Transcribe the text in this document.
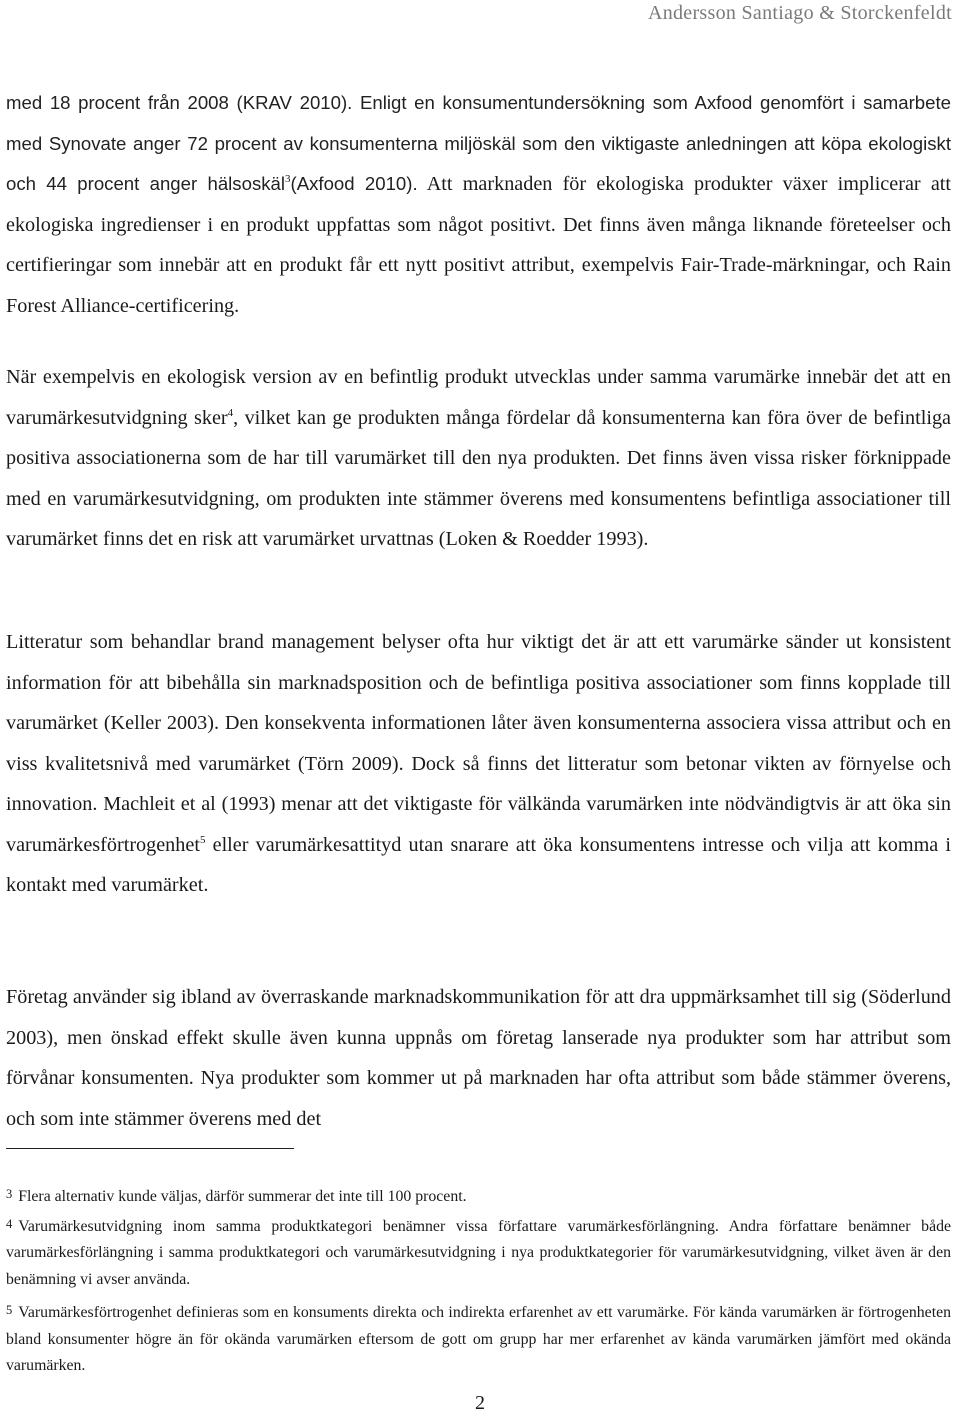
Andersson Santiago & Storckenfeldt

med 18 procent från 2008 (KRAV 2010). Enligt en konsumentundersökning som Axfood genomfört i samarbete med Synovate anger 72 procent av konsumenterna miljöskäl som den viktigaste anledningen att köpa ekologiskt och 44 procent anger hälsoskäl$^3$(Axfood 2010). Att marknaden för ekologiska produkter växer implicerar att ekologiska ingredienser i en produkt uppfattas som något positivt. Det finns även många liknande företeelser och certifieringar som innebär att en produkt får ett nytt positivt attribut, exempelvis Fair-Trade-märkningar, och Rain Forest Alliance-certificering.

När exempelvis en ekologisk version av en befintlig produkt utvecklas under samma varumärke innebär det att en varumärkesutvidgning sker$^4$, vilket kan ge produkten många fördelar då konsumenterna kan föra över de befintliga positiva associationerna som de har till varumärket till den nya produkten. Det finns även vissa risker förknippade med en varumärkesutvidgning, om produkten inte stämmer överens med konsumentens befintliga associationer till varumärket finns det en risk att varumärket urvattnas (Loken & Roedder 1993).

Litteratur som behandlar brand management belyser ofta hur viktigt det är att ett varumärke sänder ut konsistent information för att bibehålla sin marknadsposition och de befintliga positiva associationer som finns kopplade till varumärket (Keller 2003). Den konsekventa informationen låter även konsumenterna associera vissa attribut och en viss kvalitetsnivå med varumärket (Törn 2009). Dock så finns det litteratur som betonar vikten av förnyelse och innovation. Machleit et al (1993) menar att det viktigaste för välkända varumärken inte nödvändigtvis är att öka sin varumärkesförtrogenhet$^5$ eller varumärkesattityd utan snarare att öka konsumentens intresse och vilja att komma i kontakt med varumärket.

Företag använder sig ibland av överraskande marknadskommunikation för att dra uppmärksamhet till sig (Söderlund 2003), men önskad effekt skulle även kunna uppnås om företag lanserade nya produkter som har attribut som förvånar konsumenten. Nya produkter som kommer ut på marknaden har ofta attribut som både stämmer överens, och som inte stämmer överens med det

3 Flera alternativ kunde väljas, därför summerar det inte till 100 procent.

4 Varumärkesutvidgning inom samma produktkategori benämner vissa författare varumärkesförlängning. Andra författare benämner både varumärkesförlängning i samma produktkategori och varumärkesutvidgning i nya produktkategorier för varumärkesutvidgning, vilket även är den benämning vi avser använda.

5 Varumärkesförtrogenhet definieras som en konsuments direkta och indirekta erfarenhet av ett varumärke. För kända varumärken är förtrogenheten bland konsumenter högre än för okända varumärken eftersom de gott om grupp har mer erfarenhet av kända varumärken jämfört med okända varumärken.

2
